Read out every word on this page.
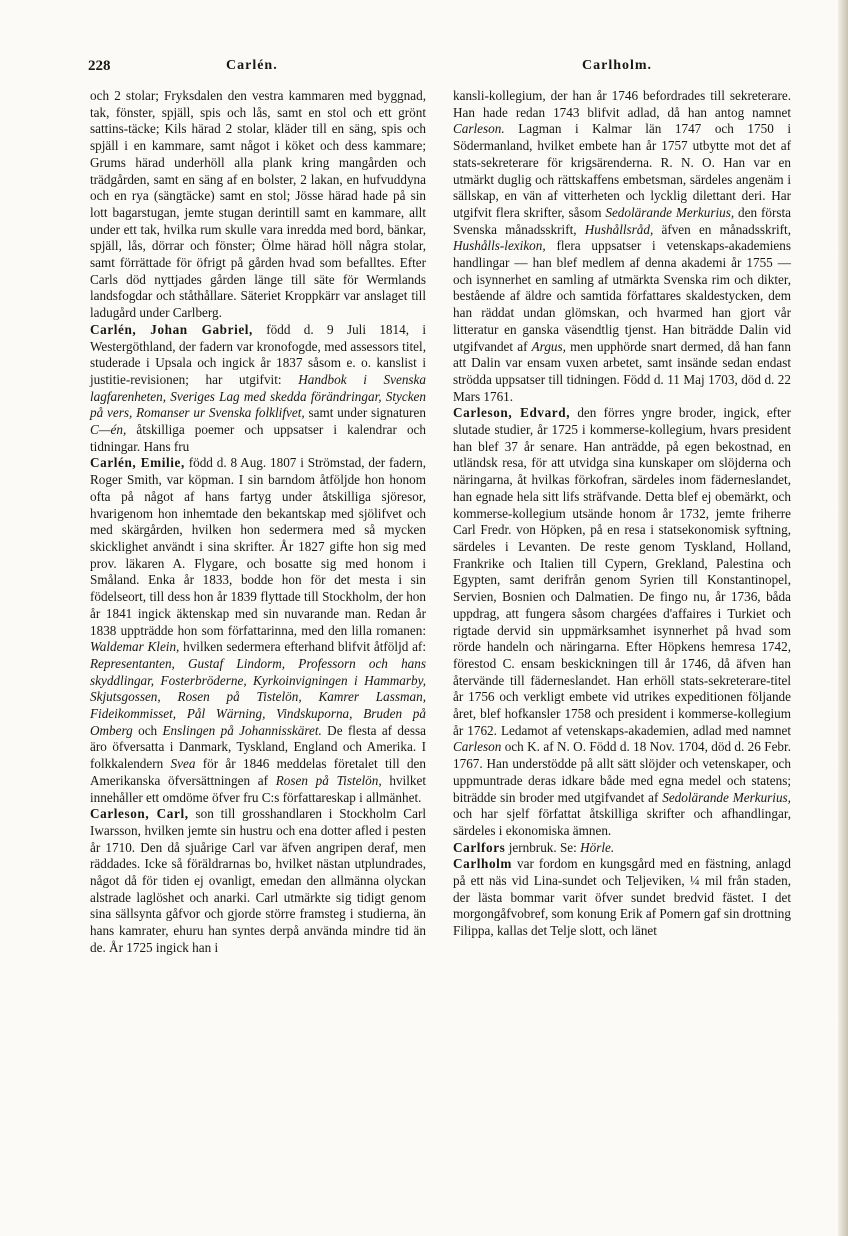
228	Carlén.	Carlholm.

och 2 stolar; Fryksdalen den vestra kammaren med byggnad, tak, fönster, spjäll, spis och lås, samt en stol och ett grönt sattins-täcke; Kils härad 2 stolar, kläder till en säng, spis och spjäll i en kammare, samt något i köket och dess kammare; Grums härad underhöll alla plank kring mangården och trädgården, samt en säng af en bolster, 2 lakan, en hufvuddyna och en rya (sängtäcke) samt en stol; Jösse härad hade på sin lott bagarstugan, jemte stugan derintill samt en kammare, allt under ett tak, hvilka rum skulle vara inredda med bord, bänkar, spjäll, lås, dörrar och fönster; Ölme härad höll några stolar, samt förrättade för öfrigt på gården hvad som befalltes. Efter Carls död nyttjades gården länge till säte för Wermlands landsfogdar och ståthållare. Säteriet Kroppkärr var anslaget till ladugård under Carlberg.

Carlén, Johan Gabriel, född d. 9 Juli 1814, i Westergöthland, der fadern var kronofogde, med assessors titel, studerade i Upsala och ingick år 1837 såsom e. o. kanslist i justitie-revisionen; har utgifvit: Handbok i Svenska lagfarenheten, Sveriges Lag med skedda förändringar, Stycken på vers, Romanser ur Svenska folklifvet, samt under signaturen C—én, åtskilliga poemer och uppsatser i kalendrar och tidningar. Hans fru

Carlén, Emilie, född d. 8 Aug. 1807 i Strömstad, der fadern, Roger Smith, var köpman. I sin barndom åtföljde hon honom ofta på något af hans fartyg under åtskilliga sjöresor, hvarigenom hon inhemtade den bekantskap med sjölifvet och med skärgården, hvilken hon sedermera med så mycken skicklighet användt i sina skrifter. År 1827 gifte hon sig med prov. läkaren A. Flygare, och bosatte sig med honom i Småland. Enka år 1833, bodde hon för det mesta i sin födelseort, till dess hon år 1839 flyttade till Stockholm, der hon år 1841 ingick äktenskap med sin nuvarande man. Redan år 1838 uppträdde hon som författarinna, med den lilla romanen: Waldemar Klein, hvilken sedermera efterhand blifvit åtföljd af: Representanten, Gustaf Lindorm, Professorn och hans skyddlingar, Fosterbröderne, Kyrkoinvigningen i Hammarby, Skjutsgossen, Rosen på Tistelön, Kamrer Lassman, Fideikommisset, Pål Wärning, Vindskuporna, Bruden på Omberg och Enslingen på Johannisskäret. De flesta af dessa äro öfversatta i Danmark, Tyskland, England och Amerika. I folkkalendern Svea för år 1846 meddelas företalet till den Amerikanska öfversättningen af Rosen på Tistelön, hvilket innehåller ett omdöme öfver fru C:s författareskap i allmänhet.

Carleson, Carl, son till grosshandlaren i Stockholm Carl Iwarsson, hvilken jemte sin hustru och ena dotter afled i pesten år 1710. Den då sjuårige Carl var äfven angripen deraf, men räddades. Icke så föräldrarnas bo, hvilket nästan utplundrades, något då för tiden ej ovanligt, emedan den allmänna olyckan alstrade laglöshet och anarki. Carl utmärkte sig tidigt genom sina sällsynta gåfvor och gjorde större framsteg i studierna, än hans kamrater, ehuru han syntes derpå använda mindre tid än de. År 1725 ingick han i

kansli-kollegium, der han år 1746 befordrades till sekreterare. Han hade redan 1743 blifvit adlad, då han antog namnet Carleson. Lagman i Kalmar län 1747 och 1750 i Södermanland, hvilket embete han år 1757 utbytte mot det af stats-sekreterare för krigsärenderna. R. N. O. Han var en utmärkt duglig och rättskaffens embetsman, särdeles angenäm i sällskap, en vän af vitterheten och lycklig dilettant deri. Har utgifvit flera skrifter, såsom Sedolärande Merkurius, den första Svenska månadsskrift, Hushållsråd, äfven en månadsskrift, Hushålls-lexikon, flera uppsatser i vetenskaps-akademiens handlingar — han blef medlem af denna akademi år 1755 — och isynnerhet en samling af utmärkta Svenska rim och dikter, bestående af äldre och samtida författares skaldestycken, dem han räddat undan glömskan, och hvarmed han gjort vår litteratur en ganska väsendtlig tjenst. Han biträdde Dalin vid utgifvandet af Argus, men upphörde snart dermed, då han fann att Dalin var ensam vuxen arbetet, samt insände sedan endast strödda uppsatser till tidningen. Född d. 11 Maj 1703, död d. 22 Mars 1761.

Carleson, Edvard, den förres yngre broder, ingick, efter slutade studier, år 1725 i kommerse-kollegium, hvars president han blef 37 år senare. Han anträdde, på egen bekostnad, en utländsk resa, för att utvidga sina kunskaper om slöjderna och näringarna, åt hvilkas förkofran, särdeles inom fäderneslandet, han egnade hela sitt lifs sträfvande. Detta blef ej obemärkt, och kommerse-kollegium utsände honom år 1732, jemte friherre Carl Fredr. von Höpken, på en resa i statsekonomisk syftning, särdeles i Levanten. De reste genom Tyskland, Holland, Frankrike och Italien till Cypern, Grekland, Palestina och Egypten, samt derifrån genom Syrien till Konstantinopel, Servien, Bosnien och Dalmatien. De fingo nu, år 1736, båda uppdrag, att fungera såsom chargées d'affaires i Turkiet och rigtade dervid sin uppmärksamhet isynnerhet på hvad som rörde handeln och näringarna. Efter Höpkens hemresa 1742, förestod C. ensam beskickningen till år 1746, då äfven han återvände till fäderneslandet. Han erhöll stats-sekreterare-titel år 1756 och verkligt embete vid utrikes expeditionen följande året, blef hofkansler 1758 och president i kommerse-kollegium år 1762. Ledamot af vetenskaps-akademien, adlad med namnet Carleson och K. af N. O. Född d. 18 Nov. 1704, död d. 26 Febr. 1767. Han understödde på allt sätt slöjder och vetenskaper, och uppmuntrade deras idkare både med egna medel och statens; biträdde sin broder med utgifvandet af Sedolärande Merkurius, och har sjelf författat åtskilliga skrifter och afhandlingar, särdeles i ekonomiska ämnen.

Carlfors jernbruk. Se: Hörle.

Carlholm var fordom en kungsgård med en fästning, anlagd på ett näs vid Lina-sundet och Teljeviken, ¼ mil från staden, der lästa bommar varit öfver sundet bredvid fästet. I det morgongåfvobref, som konung Erik af Pomern gaf sin drottning Filippa, kallas det Telje slott, och länet
